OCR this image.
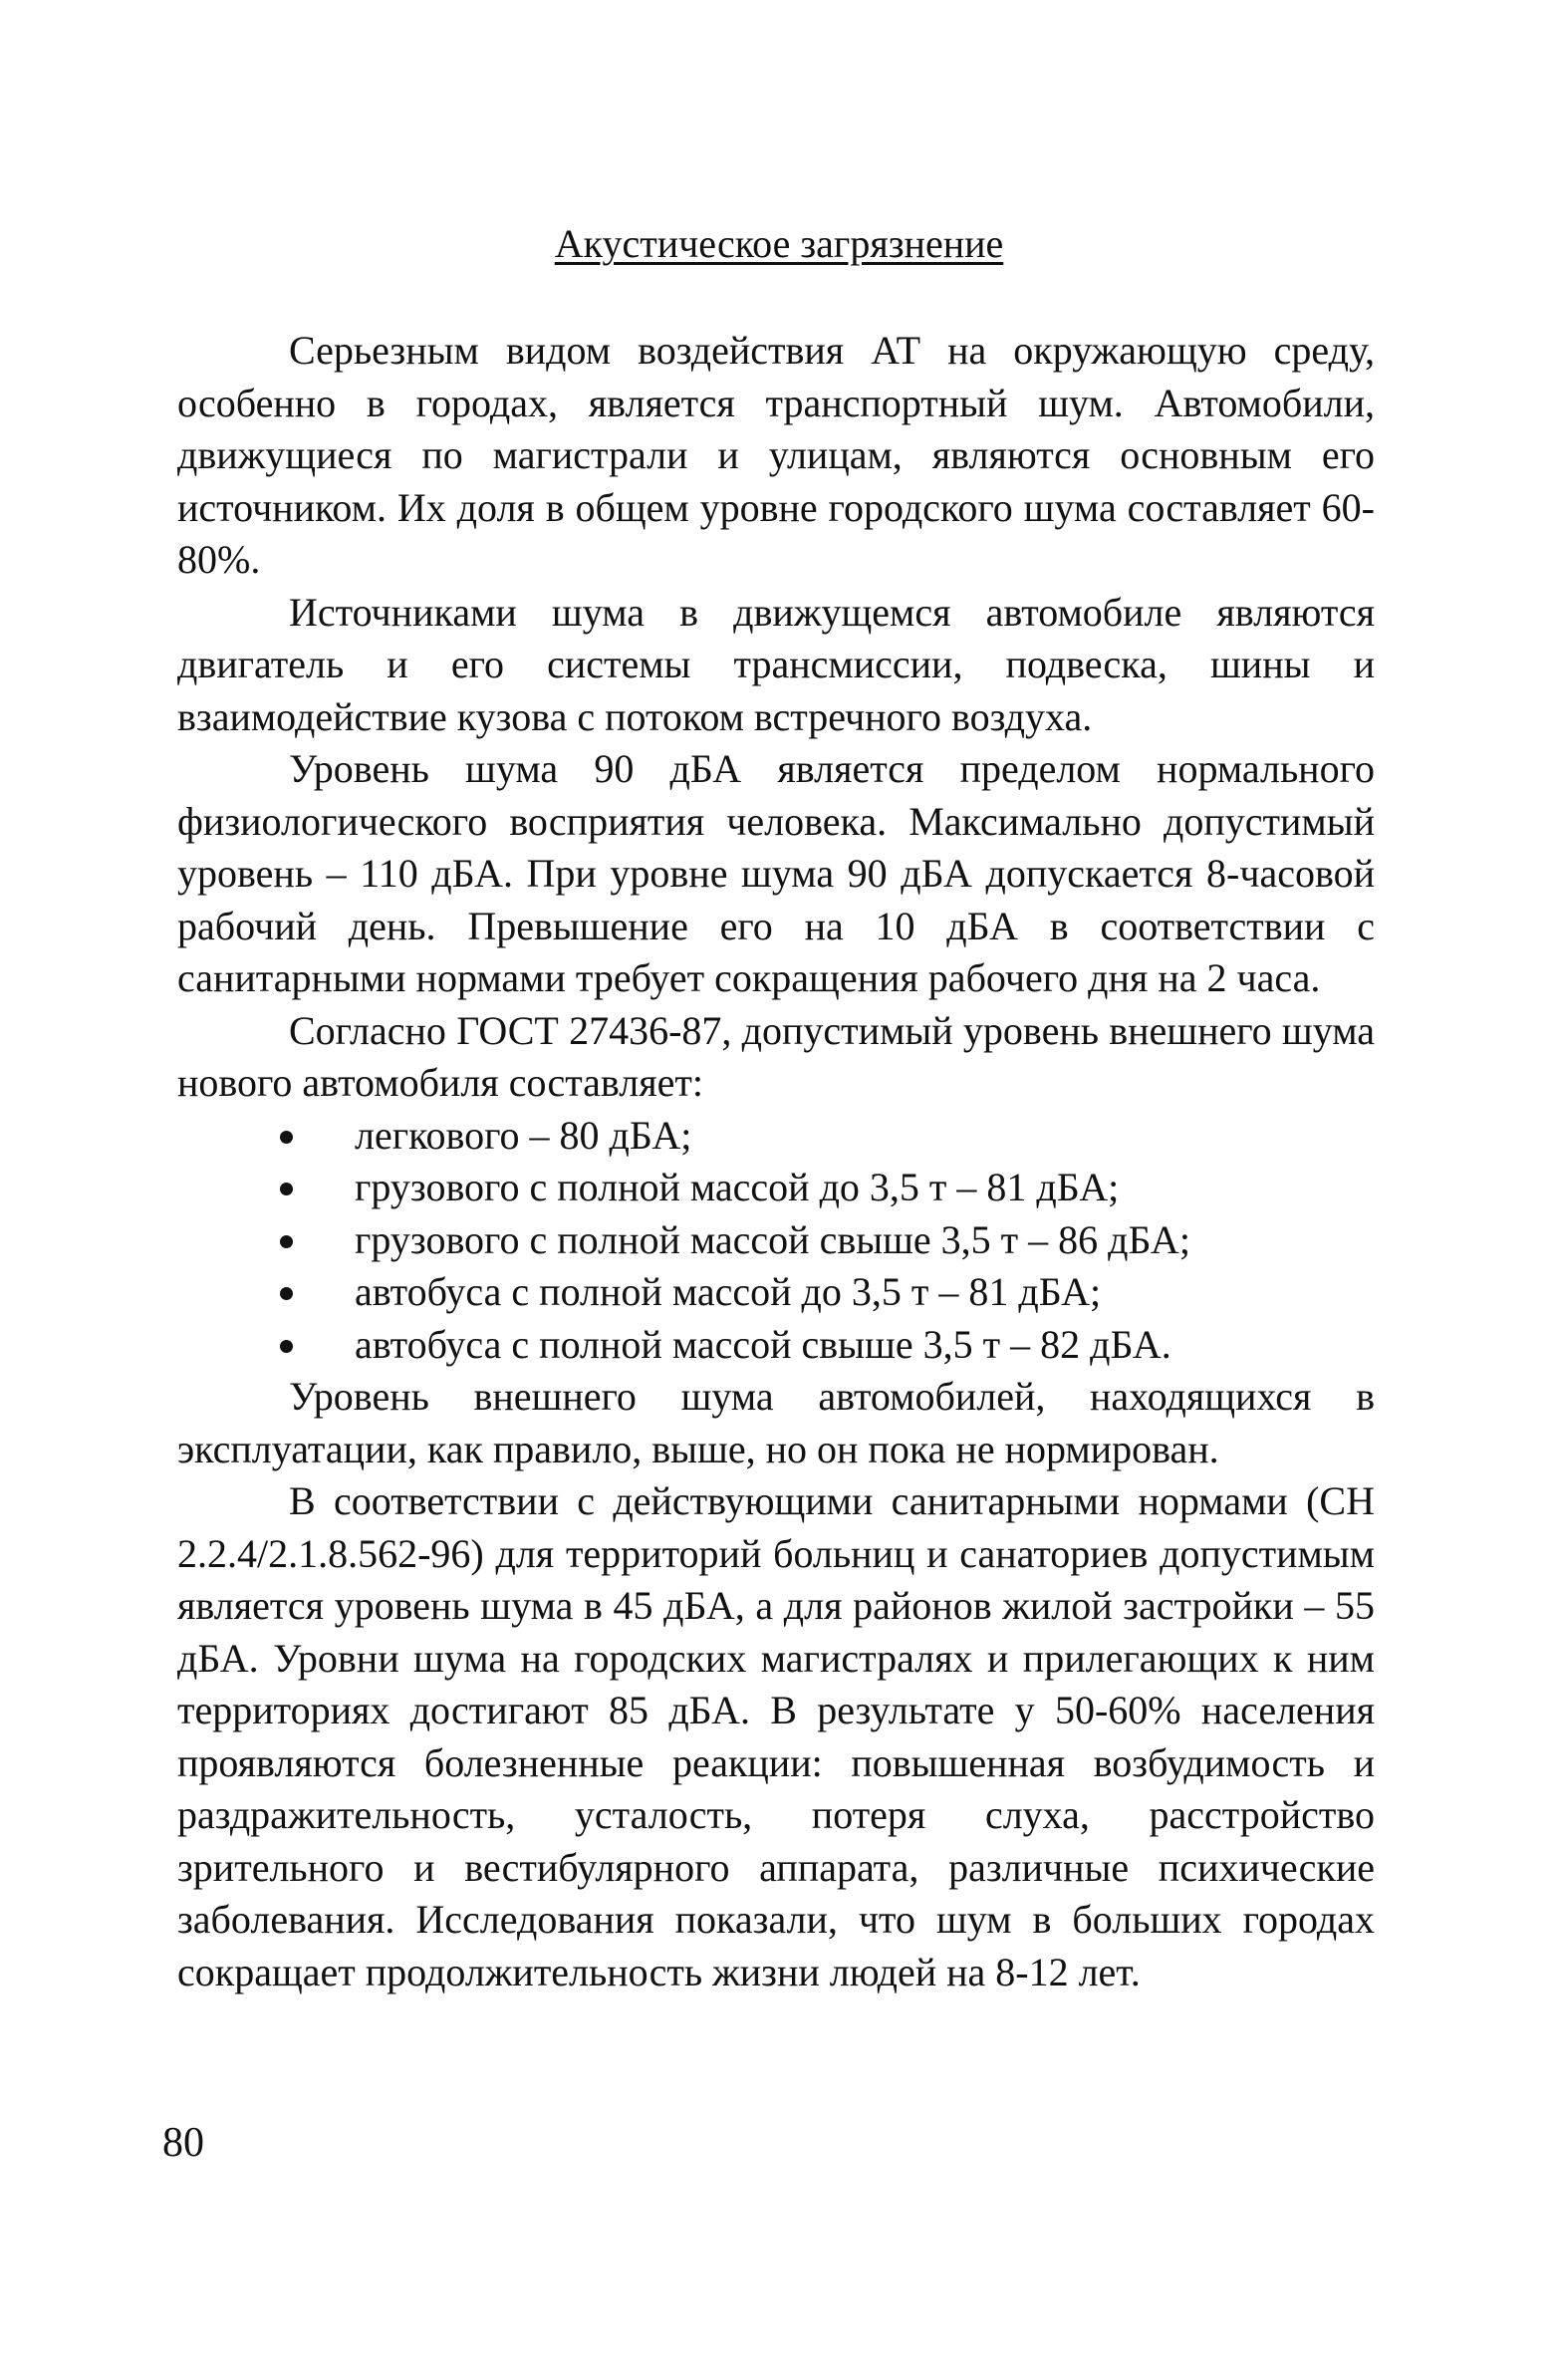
Акустическое загрязнение

Серьезным видом воздействия АТ на окружающую среду, особенно в городах, является транспортный шум. Автомобили, движущиеся по магистрали и улицам, являются основным его источником. Их доля в общем уровне городского шума составляет 60-80%.

Источниками шума в движущемся автомобиле являются двигатель и его системы трансмиссии, подвеска, шины и взаимодействие кузова с потоком встречного воздуха.

Уровень шума 90 дБА является пределом нормального физиологического восприятия человека. Максимально допустимый уровень – 110 дБА. При уровне шума 90 дБА допускается 8-часовой рабочий день. Превышение его на 10 дБА в соответствии с санитарными нормами требует сокращения рабочего дня на 2 часа.

Согласно ГОСТ 27436-87, допустимый уровень внешнего шума нового автомобиля составляет:

легкового – 80 дБА;
грузового с полной массой до 3,5 т – 81 дБА;
грузового с полной массой свыше 3,5 т – 86 дБА;
автобуса с полной массой до 3,5 т – 81 дБА;
автобуса с полной массой свыше 3,5 т – 82 дБА.

Уровень внешнего шума автомобилей, находящихся в эксплуатации, как правило, выше, но он пока не нормирован.

В соответствии с действующими санитарными нормами (СН 2.2.4/2.1.8.562-96) для территорий больниц и санаториев допустимым является уровень шума в 45 дБА, а для районов жилой застройки – 55 дБА. Уровни шума на городских магистралях и прилегающих к ним территориях достигают 85 дБА. В результате у 50-60% населения проявляются болезненные реакции: повышенная возбудимость и раздражительность, усталость, потеря слуха, расстройство зрительного и вестибулярного аппарата, различные психические заболевания. Исследования показали, что шум в больших городах сокращает продолжительность жизни людей на 8-12 лет.

80
